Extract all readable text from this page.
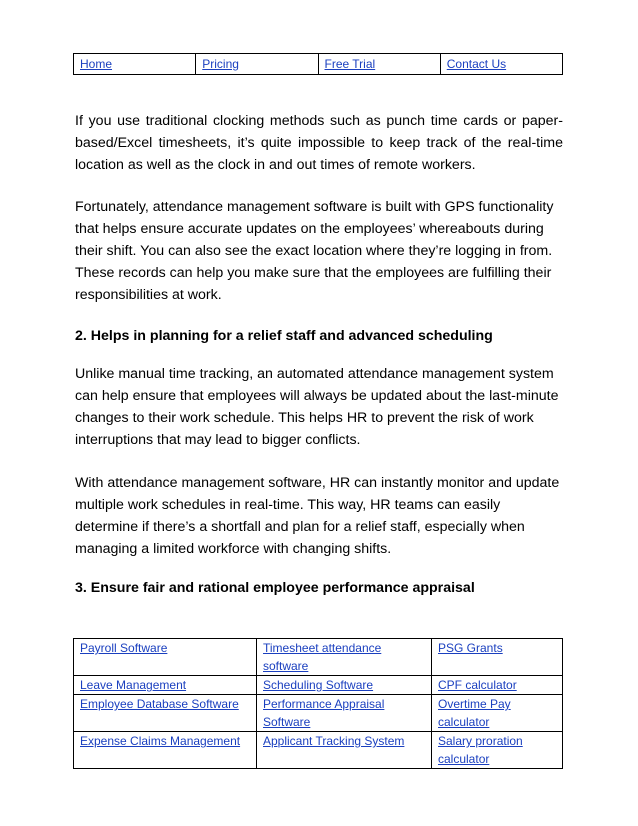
Home	Pricing	Free Trial	Contact Us

If you use traditional clocking methods such as punch time cards or paper-based/Excel timesheets, it’s quite impossible to keep track of the real-time location as well as the clock in and out times of remote workers.

Fortunately, attendance management software is built with GPS functionality that helps ensure accurate updates on the employees’ whereabouts during their shift. You can also see the exact location where they’re logging in from. These records can help you make sure that the employees are fulfilling their responsibilities at work.

2. Helps in planning for a relief staff and advanced scheduling

Unlike manual time tracking, an automated attendance management system can help ensure that employees will always be updated about the last-minute changes to their work schedule. This helps HR to prevent the risk of work interruptions that may lead to bigger conflicts.

With attendance management software, HR can instantly monitor and update multiple work schedules in real-time. This way, HR teams can easily determine if there’s a shortfall and plan for a relief staff, especially when managing a limited workforce with changing shifts.

3. Ensure fair and rational employee performance appraisal
Payroll Software	Timesheet attendance software	PSG Grants
Leave Management	Scheduling Software	CPF calculator
Employee Database Software	Performance Appraisal Software	Overtime Pay calculator
Expense Claims Management	Applicant Tracking System	Salary proration calculator
